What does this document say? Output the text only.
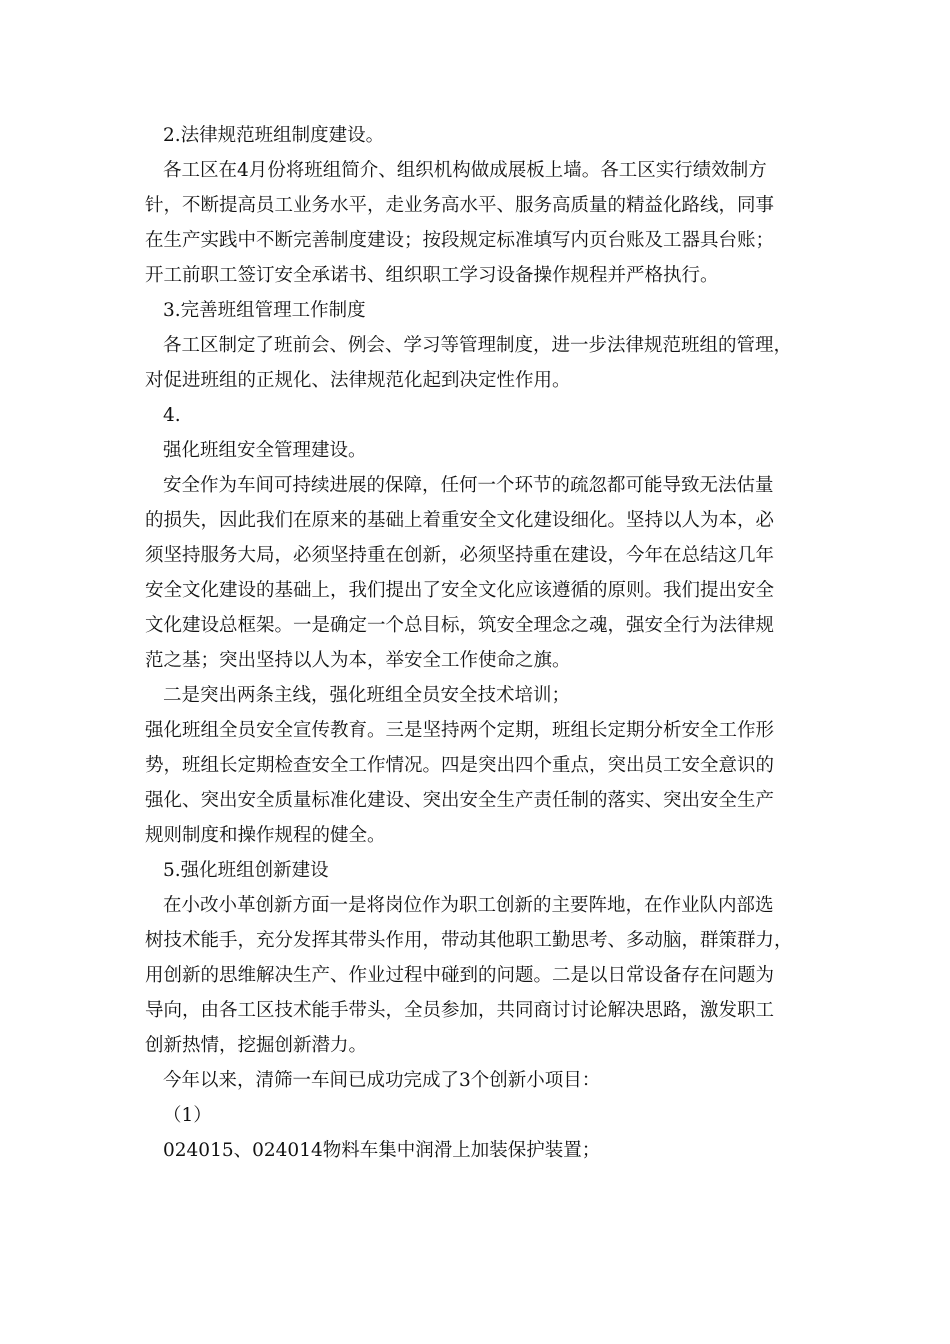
2.法律规范班组制度建设。
各工区在4月份将班组简介、组织机构做成展板上墙。各工区实行绩效制方
针，不断提高员工业务水平，走业务高水平、服务高质量的精益化路线，同事
在生产实践中不断完善制度建设；按段规定标准填写内页台账及工器具台账；
开工前职工签订安全承诺书、组织职工学习设备操作规程并严格执行。
3.完善班组管理工作制度
各工区制定了班前会、例会、学习等管理制度，进一步法律规范班组的管理，
对促进班组的正规化、法律规范化起到决定性作用。
4.
强化班组安全管理建设。
安全作为车间可持续进展的保障，任何一个环节的疏忽都可能导致无法估量
的损失，因此我们在原来的基础上着重安全文化建设细化。坚持以人为本，必
须坚持服务大局，必须坚持重在创新，必须坚持重在建设，今年在总结这几年
安全文化建设的基础上，我们提出了安全文化应该遵循的原则。我们提出安全
文化建设总框架。一是确定一个总目标，筑安全理念之魂，强安全行为法律规
范之基；突出坚持以人为本，举安全工作使命之旗。
二是突出两条主线，强化班组全员安全技术培训；
强化班组全员安全宣传教育。三是坚持两个定期，班组长定期分析安全工作形
势，班组长定期检查安全工作情况。四是突出四个重点，突出员工安全意识的
强化、突出安全质量标准化建设、突出安全生产责任制的落实、突出安全生产
规则制度和操作规程的健全。
5.强化班组创新建设
在小改小革创新方面一是将岗位作为职工创新的主要阵地，在作业队内部选
树技术能手，充分发挥其带头作用，带动其他职工勤思考、多动脑，群策群力，
用创新的思维解决生产、作业过程中碰到的问题。二是以日常设备存在问题为
导向，由各工区技术能手带头，全员参加，共同商讨讨论解决思路，激发职工
创新热情，挖掘创新潜力。
今年以来，清筛一车间已成功完成了3个创新小项目：
（1）
024015、024014物料车集中润滑上加装保护装置；
